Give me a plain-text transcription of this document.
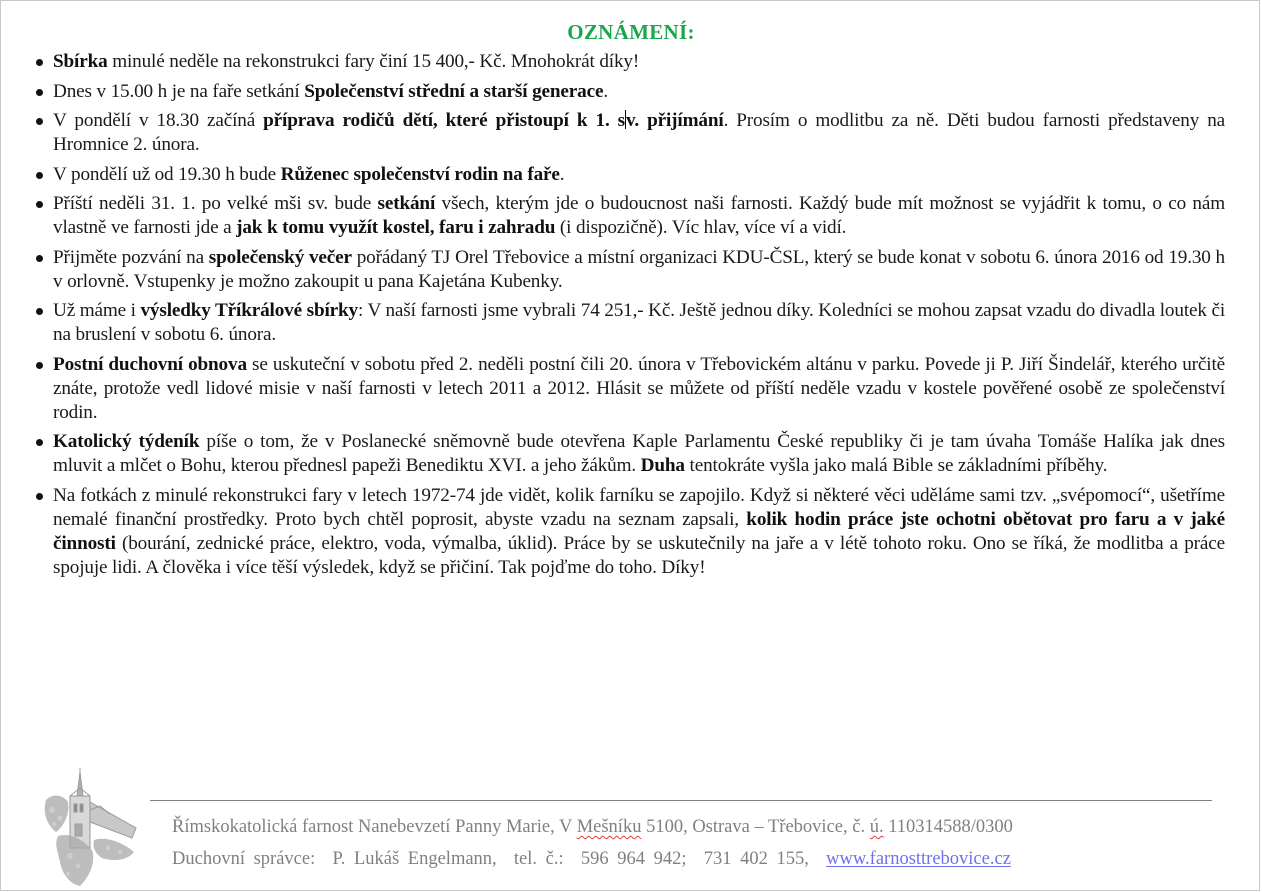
OZNÁMENÍ:
Sbírka minulé neděle na rekonstrukci fary činí 15 400,- Kč. Mnohokrát díky!
Dnes v 15.00 h je na faře setkání Společenství střední a starší generace.
V pondělí v 18.30 začíná příprava rodičů dětí, které přistoupí k 1. sv. přijímání. Prosím o modlitbu za ně. Děti budou farnosti představeny na Hromnice 2. února.
V pondělí už od 19.30 h bude Růženec společenství rodin na faře.
Příští neděli 31. 1. po velké mši sv. bude setkání všech, kterým jde o budoucnost naši farnosti. Každý bude mít možnost se vyjádřit k tomu, o co nám vlastně ve farnosti jde a jak k tomu využít kostel, faru i zahradu (i dispozičně). Víc hlav, více ví a vidí.
Přijměte pozvání na společenský večer pořádaný TJ Orel Třebovice a místní organizaci KDU-ČSL, který se bude konat v sobotu 6. února 2016 od 19.30 h v orlovně. Vstupenky je možno zakoupit u pana Kajetána Kubenky.
Už máme i výsledky Tříkrálové sbírky: V naší farnosti jsme vybrali 74 251,- Kč. Ještě jednou díky. Koledníci se mohou zapsat vzadu do divadla loutek či na bruslení v sobotu 6. února.
Postní duchovní obnova se uskuteční v sobotu před 2. neděli postní čili 20. února v Třebovickém altánu v parku. Povede ji P. Jiří Šindelář, kterého určitě znáte, protože vedl lidové misie v naší farnosti v letech 2011 a 2012. Hlásit se můžete od příští neděle vzadu v kostele pověřené osobě ze společenství rodin.
Katolický týdeník píše o tom, že v Poslanecké sněmovně bude otevřena Kaple Parlamentu České republiky či je tam úvaha Tomáše Halíka jak dnes mluvit a mlčet o Bohu, kterou přednesl papeži Benediktu XVI. a jeho žákům. Duha tentokráte vyšla jako malá Bible se základními příběhy.
Na fotkách z minulé rekonstrukci fary v letech 1972-74 jde vidět, kolik farníku se zapojilo. Když si některé věci uděláme sami tzv. „svépomocí“, ušetříme nemalé finanční prostředky. Proto bych chtěl poprosit, abyste vzadu na seznam zapsali, kolik hodin práce jste ochotni obětovat pro faru a v jaké činnosti (bourání, zednické práce, elektro, voda, výmalba, úklid). Práce by se uskutečnily na jaře a v létě tohoto roku. Ono se říká, že modlitba a práce spojuje lidi. A člověka i více těší výsledek, když se přičiní. Tak pojďme do toho. Díky!
Římskokatolická farnost Nanebevzetí Panny Marie, V Mešníku 5100, Ostrava – Třebovice, č. ú. 110314588/0300
Duchovní správce:  P. Lukáš Engelmann,  tel. č.:  596 964 942;  731 402 155,  www.farnosttrebovice.cz
